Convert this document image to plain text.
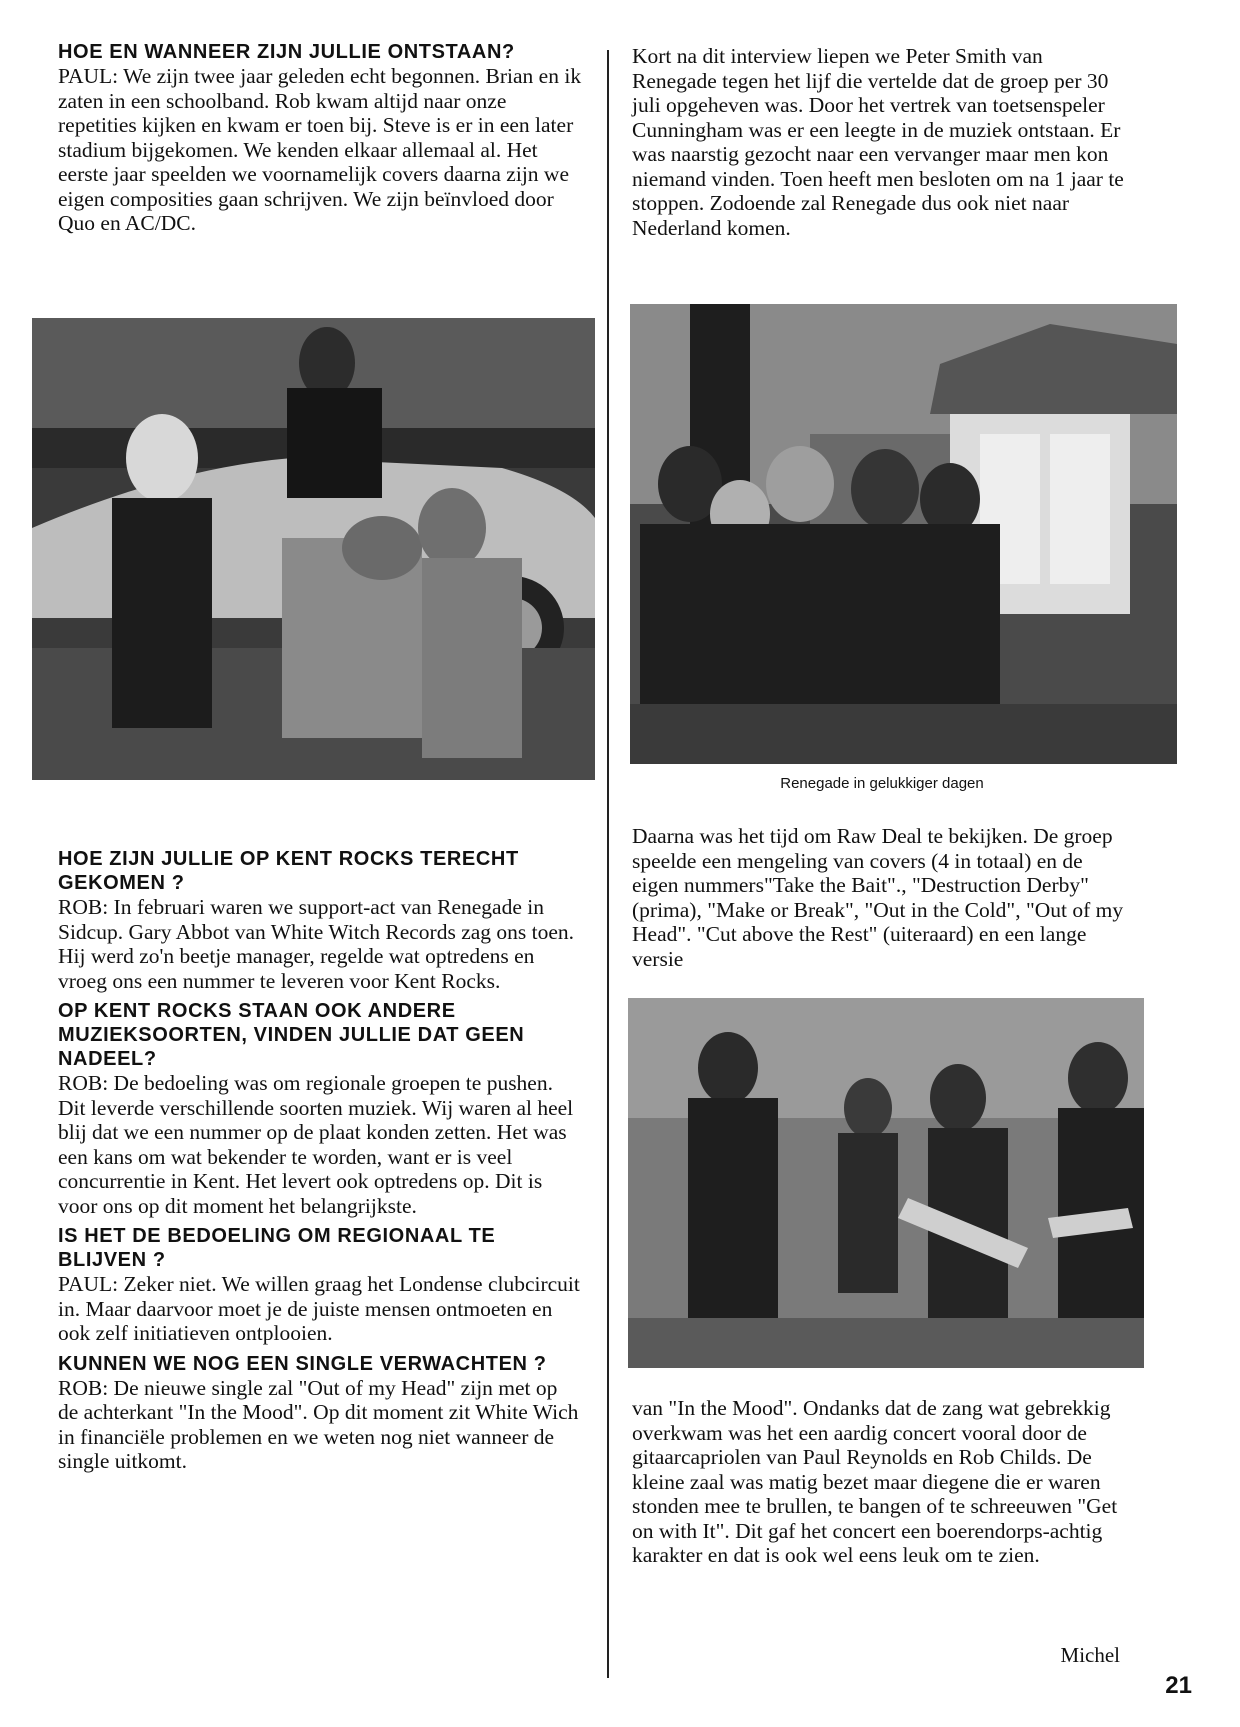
HOE EN WANNEER ZIJN JULLIE ONTSTAAN?

PAUL: We zijn twee jaar geleden echt begonnen. Brian en ik zaten in een schoolband. Rob kwam altijd naar onze repetities kijken en kwam er toen bij. Steve is er in een later stadium bijgekomen. We kenden elkaar allemaal al. Het eerste jaar speelden we voornamelijk covers daarna zijn we eigen composities gaan schrijven. We zijn beïnvloed door Quo en AC/DC.

HOE ZIJN JULLIE OP KENT ROCKS TERECHT GEKOMEN ?

ROB: In februari waren we support-act van Renegade in Sidcup. Gary Abbot van White Witch Records zag ons toen. Hij werd zo'n beetje manager, regelde wat optredens en vroeg ons een nummer te leveren voor Kent Rocks.

OP KENT ROCKS STAAN OOK ANDERE MUZIEKSOORTEN, VINDEN JULLIE DAT GEEN NADEEL?

ROB: De bedoeling was om regionale groepen te pushen. Dit leverde verschillende soorten muziek. Wij waren al heel blij dat we een nummer op de plaat konden zetten. Het was een kans om wat bekender te worden, want er is veel concurrentie in Kent. Het levert ook optredens op. Dit is voor ons op dit moment het belangrijkste.

IS HET DE BEDOELING OM REGIONAAL TE BLIJVEN ?

PAUL: Zeker niet. We willen graag het Londense clubcircuit in. Maar daarvoor moet je de juiste mensen ontmoeten en ook zelf initiatieven ontplooien.

KUNNEN WE NOG EEN SINGLE VERWACHTEN ?

ROB: De nieuwe single zal "Out of my Head" zijn met op de achterkant "In the Mood". Op dit moment zit White Wich in financiële problemen en we weten nog niet wanneer de single uitkomt.

Kort na dit interview liepen we Peter Smith van Renegade tegen het lijf die vertelde dat de groep per 30 juli opgeheven was. Door het vertrek van toetsenspeler Cunningham was er een leegte in de muziek ontstaan. Er was naarstig gezocht naar een vervanger maar men kon niemand vinden. Toen heeft men besloten om na 1 jaar te stoppen. Zodoende zal Renegade dus ook niet naar Nederland komen.

Renegade in gelukkiger dagen

Daarna was het tijd om Raw Deal te bekijken. De groep speelde een mengeling van covers (4 in totaal) en de eigen nummers"Take the Bait"., "Destruction Derby" (prima), "Make or Break", "Out in the Cold", "Out of my Head". "Cut above the Rest" (uiteraard) en een lange versie

van "In the Mood". Ondanks dat de zang wat gebrekkig overkwam was het een aardig concert vooral door de gitaarcapriolen van Paul Reynolds en Rob Childs. De kleine zaal was matig bezet maar diegene die er waren stonden mee te brullen, te bangen of te schreeuwen "Get on with It". Dit gaf het concert een boerendorps-achtig karakter en dat is ook wel eens leuk om te zien.

Michel
21
